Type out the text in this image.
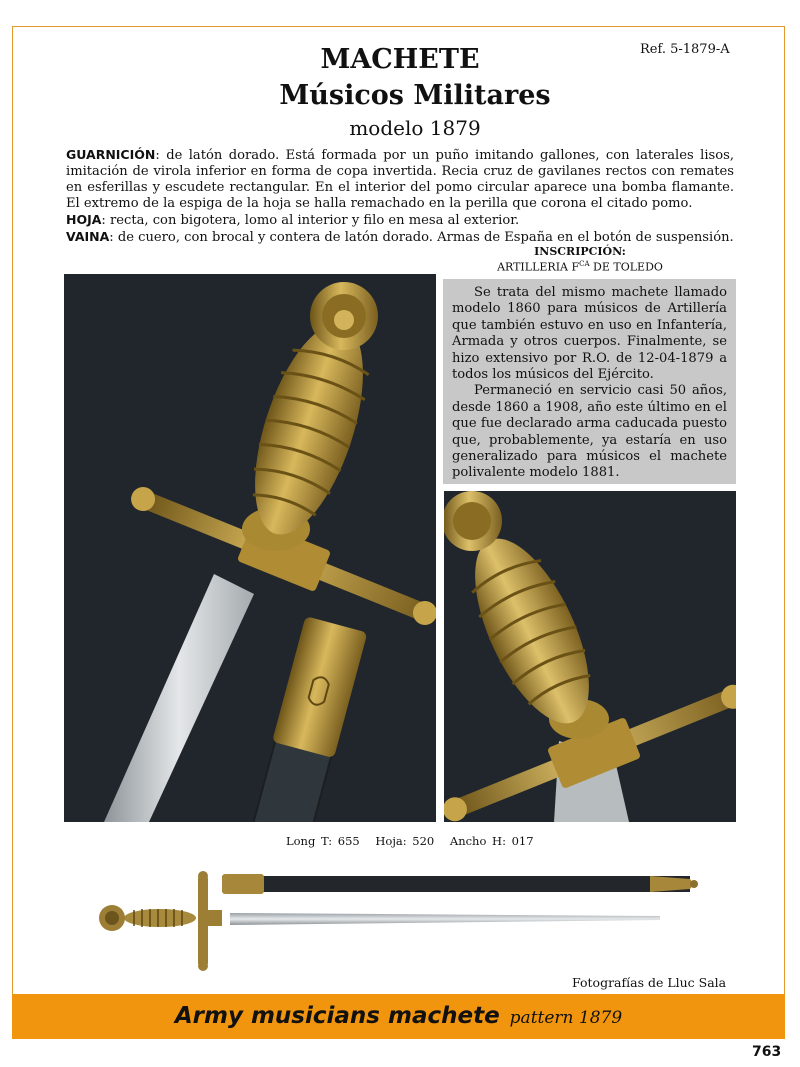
Ref. 5-1879-A
MACHETE
Músicos Militares
modelo 1879

GUARNICIÓN: de latón dorado. Está formada por un puño imitando gallones, con laterales lisos, imitación de virola inferior en forma de copa invertida. Recia cruz de gavilanes rectos con remates en esferillas y escudete rectangular. En el interior del pomo circular aparece una bomba flamante. El extremo de la espiga de la hoja se halla remachado en la perilla que corona el citado pomo.

HOJA: recta, con bigotera, lomo al interior y filo en mesa al exterior.

VAINA: de cuero, con brocal y contera de latón dorado. Armas de España en el botón de suspensión.

INSCRIPCIÓN:
ARTILLERIA $F^{CA}$ DE TOLEDO

Se trata del mismo machete llamado modelo 1860 para músicos de Artillería que también estuvo en uso en Infantería, Armada y otros cuerpos. Finalmente, se hizo extensivo por R.O. de 12-04-1879 a todos los músicos del Ejército.

Permaneció en servicio casi 50 años, desde 1860 a 1908, año este último en el que fue declarado arma caducada puesto que, probablemente, ya estaría en uso generalizado para músicos el machete polivalente modelo 1881.

Long T: 655 Hoja: 520 Ancho H: 017
Fotografías de Lluc Sala
Army musicians machete pattern 1879
763
